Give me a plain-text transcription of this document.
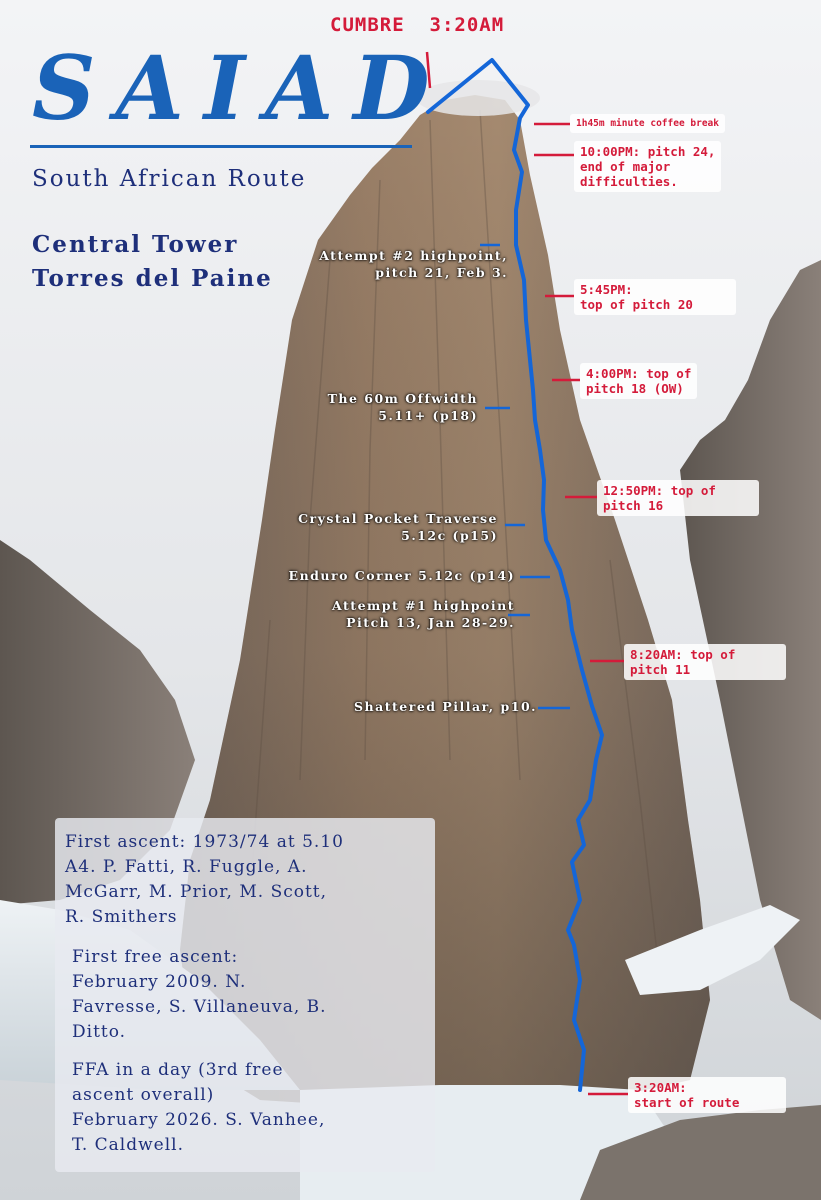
SAIAD
South African Route
Central Tower
Torres del Paine
CUMBRE  3:20AM
Attempt #2 highpoint,
pitch 21, Feb 3.
The 60m Offwidth
5.11+ (p18)
Crystal Pocket Traverse
5.12c (p15)
Enduro Corner 5.12c (p14)
Attempt #1 highpoint
Pitch 13, Jan 28-29.
Shattered Pillar, p10.
1h45m minute coffee break
10:00PM: pitch 24,
end of major
difficulties.
5:45PM:
top of pitch 20
4:00PM: top of
pitch 18 (OW)
12:50PM: top of
pitch 16
8:20AM: top of
pitch 11
3:20AM:
start of route
First ascent: 1973/74 at 5.10
A4. P. Fatti, R. Fuggle, A.
McGarr, M. Prior, M. Scott,
R. Smithers
First free ascent:
February 2009. N.
Favresse, S. Villaneuva, B.
Ditto.
FFA in a day (3rd free
ascent overall)
February 2026. S. Vanhee,
T. Caldwell.
